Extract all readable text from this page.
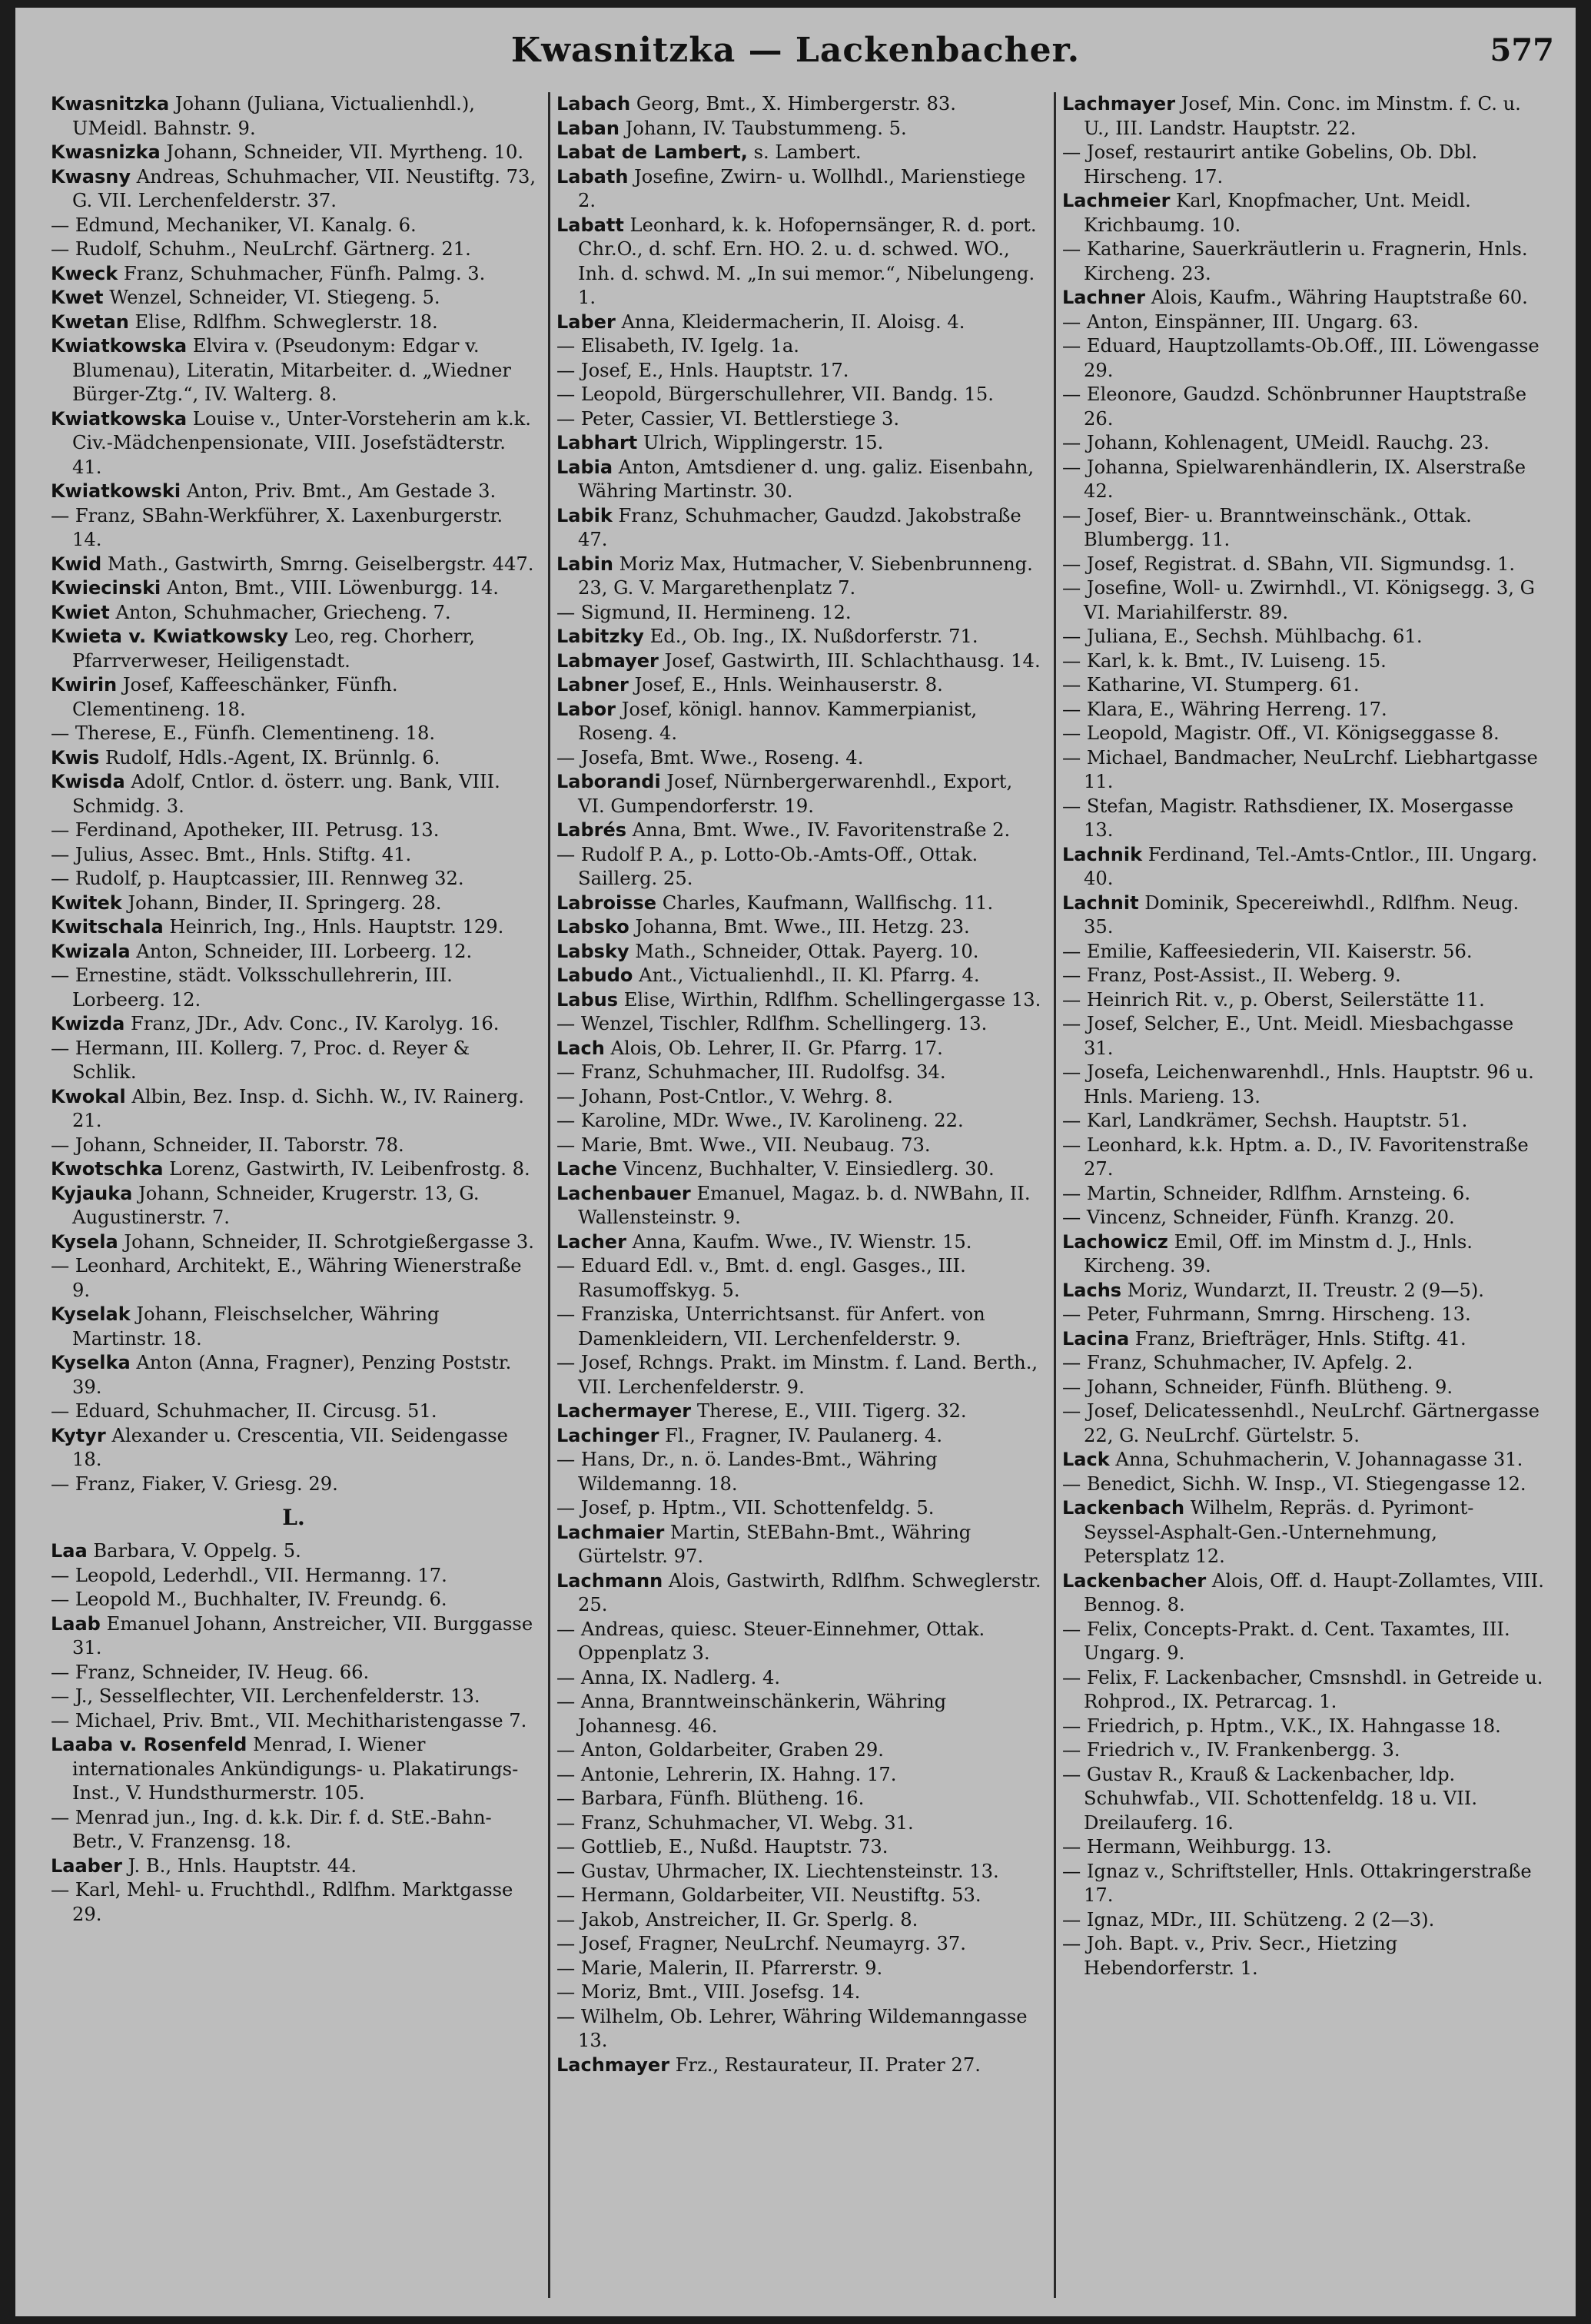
Kwasnitzka — Lackenbacher.	577

Kwasnitzka Johann (Juliana, Victualienhdl.), UMeidl. Bahnstr. 9.

Kwasnizka Johann, Schneider, VII. Myrtheng. 10.

Kwasny Andreas, Schuhmacher, VII. Neustiftg. 73, G. VII. Lerchenfelderstr. 37.

— Edmund, Mechaniker, VI. Kanalg. 6.

— Rudolf, Schuhm., NeuLrchf. Gärtnerg. 21.

Kweck Franz, Schuhmacher, Fünfh. Palmg. 3.

Kwet Wenzel, Schneider, VI. Stiegeng. 5.

Kwetan Elise, Rdlfhm. Schweglerstr. 18.

Kwiatkowska Elvira v. (Pseudonym: Edgar v. Blumenau), Literatin, Mitarbeiter. d. „Wiedner Bürger-Ztg.“, IV. Walterg. 8.

Kwiatkowska Louise v., Unter-Vorsteherin am k.k. Civ.-Mädchenpensionate, VIII. Josefstädterstr. 41.

Kwiatkowski Anton, Priv. Bmt., Am Gestade 3.

— Franz, SBahn-Werkführer, X. Laxenburgerstr. 14.

Kwid Math., Gastwirth, Smrng. Geiselbergstr. 447.

Kwiecinski Anton, Bmt., VIII. Löwenburgg. 14.

Kwiet Anton, Schuhmacher, Griecheng. 7.

Kwieta v. Kwiatkowsky Leo, reg. Chorherr, Pfarrverweser, Heiligenstadt.

Kwirin Josef, Kaffeeschänker, Fünfh. Clementineng. 18.

— Therese, E., Fünfh. Clementineng. 18.

Kwis Rudolf, Hdls.-Agent, IX. Brünnlg. 6.

Kwisda Adolf, Cntlor. d. österr. ung. Bank, VIII. Schmidg. 3.

— Ferdinand, Apotheker, III. Petrusg. 13.

— Julius, Assec. Bmt., Hnls. Stiftg. 41.

— Rudolf, p. Hauptcassier, III. Rennweg 32.

Kwitek Johann, Binder, II. Springerg. 28.

Kwitschala Heinrich, Ing., Hnls. Hauptstr. 129.

Kwizala Anton, Schneider, III. Lorbeerg. 12.

— Ernestine, städt. Volksschullehrerin, III. Lorbeerg. 12.

Kwizda Franz, JDr., Adv. Conc., IV. Karolyg. 16.

— Hermann, III. Kollerg. 7, Proc. d. Reyer & Schlik.

Kwokal Albin, Bez. Insp. d. Sichh. W., IV. Rainerg. 21.

— Johann, Schneider, II. Taborstr. 78.

Kwotschka Lorenz, Gastwirth, IV. Leibenfrostg. 8.

Kyjauka Johann, Schneider, Krugerstr. 13, G. Augustinerstr. 7.

Kysela Johann, Schneider, II. Schrotgießergasse 3.

— Leonhard, Architekt, E., Währing Wienerstraße 9.

Kyselak Johann, Fleischselcher, Währing Martinstr. 18.

Kyselka Anton (Anna, Fragner), Penzing Poststr. 39.

— Eduard, Schuhmacher, II. Circusg. 51.

Kytyr Alexander u. Crescentia, VII. Seidengasse 18.

— Franz, Fiaker, V. Griesg. 29.

L.

Laa Barbara, V. Oppelg. 5.

— Leopold, Lederhdl., VII. Hermanng. 17.

— Leopold M., Buchhalter, IV. Freundg. 6.

Laab Emanuel Johann, Anstreicher, VII. Burggasse 31.

— Franz, Schneider, IV. Heug. 66.

— J., Sesselflechter, VII. Lerchenfelderstr. 13.

— Michael, Priv. Bmt., VII. Mechitharistengasse 7.

Laaba v. Rosenfeld Menrad, I. Wiener internationales Ankündigungs- u. Plakatirungs-Inst., V. Hundsthurmerstr. 105.

— Menrad jun., Ing. d. k.k. Dir. f. d. StE.-Bahn-Betr., V. Franzensg. 18.

Laaber J. B., Hnls. Hauptstr. 44.

— Karl, Mehl- u. Fruchthdl., Rdlfhm. Marktgasse 29.

Labach Georg, Bmt., X. Himbergerstr. 83.

Laban Johann, IV. Taubstummeng. 5.

Labat de Lambert, s. Lambert.

Labath Josefine, Zwirn- u. Wollhdl., Marienstiege 2.

Labatt Leonhard, k. k. Hofopernsänger, R. d. port. Chr.O., d. schf. Ern. HO. 2. u. d. schwed. WO., Inh. d. schwd. M. „In sui memor.“, Nibelungeng. 1.

Laber Anna, Kleidermacherin, II. Aloisg. 4.

— Elisabeth, IV. Igelg. 1a.

— Josef, E., Hnls. Hauptstr. 17.

— Leopold, Bürgerschullehrer, VII. Bandg. 15.

— Peter, Cassier, VI. Bettlerstiege 3.

Labhart Ulrich, Wipplingerstr. 15.

Labia Anton, Amtsdiener d. ung. galiz. Eisenbahn, Währing Martinstr. 30.

Labik Franz, Schuhmacher, Gaudzd. Jakobstraße 47.

Labin Moriz Max, Hutmacher, V. Siebenbrunneng. 23, G. V. Margarethenplatz 7.

— Sigmund, II. Hermineng. 12.

Labitzky Ed., Ob. Ing., IX. Nußdorferstr. 71.

Labmayer Josef, Gastwirth, III. Schlachthausg. 14.

Labner Josef, E., Hnls. Weinhauserstr. 8.

Labor Josef, königl. hannov. Kammerpianist, Roseng. 4.

— Josefa, Bmt. Wwe., Roseng. 4.

Laborandi Josef, Nürnbergerwarenhdl., Export, VI. Gumpendorferstr. 19.

Labrés Anna, Bmt. Wwe., IV. Favoritenstraße 2.

— Rudolf P. A., p. Lotto-Ob.-Amts-Off., Ottak. Saillerg. 25.

Labroisse Charles, Kaufmann, Wallfischg. 11.

Labsko Johanna, Bmt. Wwe., III. Hetzg. 23.

Labsky Math., Schneider, Ottak. Payerg. 10.

Labudo Ant., Victualienhdl., II. Kl. Pfarrg. 4.

Labus Elise, Wirthin, Rdlfhm. Schellingergasse 13.

— Wenzel, Tischler, Rdlfhm. Schellingerg. 13.

Lach Alois, Ob. Lehrer, II. Gr. Pfarrg. 17.

— Franz, Schuhmacher, III. Rudolfsg. 34.

— Johann, Post-Cntlor., V. Wehrg. 8.

— Karoline, MDr. Wwe., IV. Karolineng. 22.

— Marie, Bmt. Wwe., VII. Neubaug. 73.

Lache Vincenz, Buchhalter, V. Einsiedlerg. 30.

Lachenbauer Emanuel, Magaz. b. d. NWBahn, II. Wallensteinstr. 9.

Lacher Anna, Kaufm. Wwe., IV. Wienstr. 15.

— Eduard Edl. v., Bmt. d. engl. Gasges., III. Rasumoffskyg. 5.

— Franziska, Unterrichtsanst. für Anfert. von Damenkleidern, VII. Lerchenfelderstr. 9.

— Josef, Rchngs. Prakt. im Minstm. f. Land. Berth., VII. Lerchenfelderstr. 9.

Lachermayer Therese, E., VIII. Tigerg. 32.

Lachinger Fl., Fragner, IV. Paulanerg. 4.

— Hans, Dr., n. ö. Landes-Bmt., Währing Wildemanng. 18.

— Josef, p. Hptm., VII. Schottenfeldg. 5.

Lachmaier Martin, StEBahn-Bmt., Währing Gürtelstr. 97.

Lachmann Alois, Gastwirth, Rdlfhm. Schweglerstr. 25.

— Andreas, quiesc. Steuer-Einnehmer, Ottak. Oppenplatz 3.

— Anna, IX. Nadlerg. 4.

— Anna, Branntweinschänkerin, Währing Johannesg. 46.

— Anton, Goldarbeiter, Graben 29.

— Antonie, Lehrerin, IX. Hahng. 17.

— Barbara, Fünfh. Blütheng. 16.

— Franz, Schuhmacher, VI. Webg. 31.

— Gottlieb, E., Nußd. Hauptstr. 73.

— Gustav, Uhrmacher, IX. Liechtensteinstr. 13.

— Hermann, Goldarbeiter, VII. Neustiftg. 53.

— Jakob, Anstreicher, II. Gr. Sperlg. 8.

— Josef, Fragner, NeuLrchf. Neumayrg. 37.

— Marie, Malerin, II. Pfarrerstr. 9.

— Moriz, Bmt., VIII. Josefsg. 14.

— Wilhelm, Ob. Lehrer, Währing Wildemanngasse 13.

Lachmayer Frz., Restaurateur, II. Prater 27.

Lachmayer Josef, Min. Conc. im Minstm. f. C. u. U., III. Landstr. Hauptstr. 22.

— Josef, restaurirt antike Gobelins, Ob. Dbl. Hirscheng. 17.

Lachmeier Karl, Knopfmacher, Unt. Meidl. Krichbaumg. 10.

— Katharine, Sauerkräutlerin u. Fragnerin, Hnls. Kircheng. 23.

Lachner Alois, Kaufm., Währing Hauptstraße 60.

— Anton, Einspänner, III. Ungarg. 63.

— Eduard, Hauptzollamts-Ob.Off., III. Löwengasse 29.

— Eleonore, Gaudzd. Schönbrunner Hauptstraße 26.

— Johann, Kohlenagent, UMeidl. Rauchg. 23.

— Johanna, Spielwarenhändlerin, IX. Alserstraße 42.

— Josef, Bier- u. Branntweinschänk., Ottak. Blumbergg. 11.

— Josef, Registrat. d. SBahn, VII. Sigmundsg. 1.

— Josefine, Woll- u. Zwirnhdl., VI. Königsegg. 3, G VI. Mariahilferstr. 89.

— Juliana, E., Sechsh. Mühlbachg. 61.

— Karl, k. k. Bmt., IV. Luiseng. 15.

— Katharine, VI. Stumperg. 61.

— Klara, E., Währing Herreng. 17.

— Leopold, Magistr. Off., VI. Königseggasse 8.

— Michael, Bandmacher, NeuLrchf. Liebhartgasse 11.

— Stefan, Magistr. Rathsdiener, IX. Mosergasse 13.

Lachnik Ferdinand, Tel.-Amts-Cntlor., III. Ungarg. 40.

Lachnit Dominik, Specereiwhdl., Rdlfhm. Neug. 35.

— Emilie, Kaffeesiederin, VII. Kaiserstr. 56.

— Franz, Post-Assist., II. Weberg. 9.

— Heinrich Rit. v., p. Oberst, Seilerstätte 11.

— Josef, Selcher, E., Unt. Meidl. Miesbachgasse 31.

— Josefa, Leichenwarenhdl., Hnls. Hauptstr. 96 u. Hnls. Marieng. 13.

— Karl, Landkrämer, Sechsh. Hauptstr. 51.

— Leonhard, k.k. Hptm. a. D., IV. Favoritenstraße 27.

— Martin, Schneider, Rdlfhm. Arnsteing. 6.

— Vincenz, Schneider, Fünfh. Kranzg. 20.

Lachowicz Emil, Off. im Minstm d. J., Hnls. Kircheng. 39.

Lachs Moriz, Wundarzt, II. Treustr. 2 (9—5).

— Peter, Fuhrmann, Smrng. Hirscheng. 13.

Lacina Franz, Briefträger, Hnls. Stiftg. 41.

— Franz, Schuhmacher, IV. Apfelg. 2.

— Johann, Schneider, Fünfh. Blütheng. 9.

— Josef, Delicatessenhdl., NeuLrchf. Gärtnergasse 22, G. NeuLrchf. Gürtelstr. 5.

Lack Anna, Schuhmacherin, V. Johannagasse 31.

— Benedict, Sichh. W. Insp., VI. Stiegengasse 12.

Lackenbach Wilhelm, Repräs. d. Pyrimont-Seyssel-Asphalt-Gen.-Unternehmung, Petersplatz 12.

Lackenbacher Alois, Off. d. Haupt-Zollamtes, VIII. Bennog. 8.

— Felix, Concepts-Prakt. d. Cent. Taxamtes, III. Ungarg. 9.

— Felix, F. Lackenbacher, Cmsnshdl. in Getreide u. Rohprod., IX. Petrarcag. 1.

— Friedrich, p. Hptm., V.K., IX. Hahngasse 18.

— Friedrich v., IV. Frankenbergg. 3.

— Gustav R., Krauß & Lackenbacher, ldp. Schuhwfab., VII. Schottenfeldg. 18 u. VII. Dreilauferg. 16.

— Hermann, Weihburgg. 13.

— Ignaz v., Schriftsteller, Hnls. Ottakringerstraße 17.

— Ignaz, MDr., III. Schützeng. 2 (2—3).

— Joh. Bapt. v., Priv. Secr., Hietzing Hebendorferstr. 1.
